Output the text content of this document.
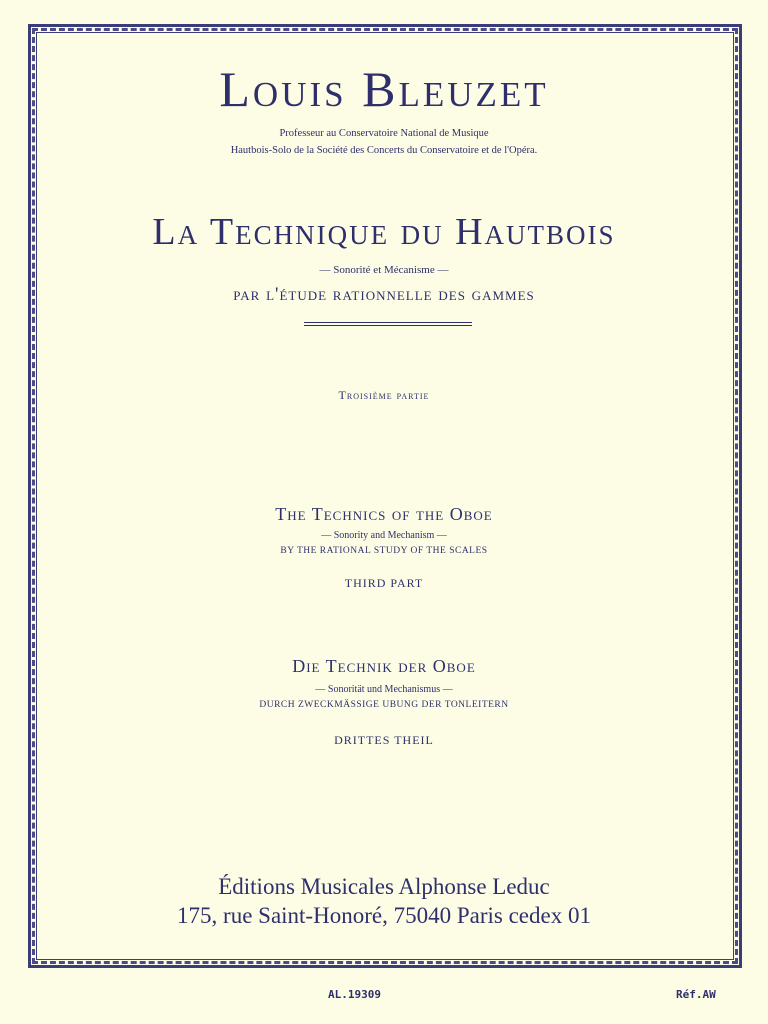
Louis Bleuzet
Professeur au Conservatoire National de Musique
Hautbois-Solo de la Société des Concerts du Conservatoire et de l'Opéra.
La Technique du Hautbois
— Sonorité et Mécanisme —
par l'étude rationnelle des gammes
Troisième partie
The Technics of the Oboe
— Sonority and Mechanism —
BY THE RATIONAL STUDY OF THE SCALES
THIRD PART
Die Technik der Oboe
— Sonorität und Mechanismus —
DURCH ZWECKMÄSSIGE UBUNG DER TONLEITERN
DRITTES THEIL
Éditions Musicales Alphonse Leduc
175, rue Saint-Honoré, 75040 Paris cedex 01
AL.19309	Réf.AW
